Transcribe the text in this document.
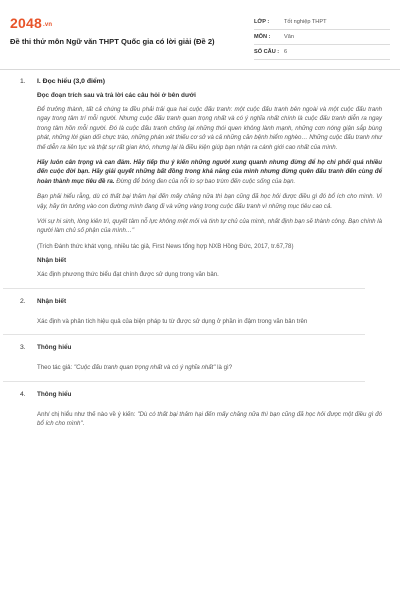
2048.vn
Đề thi thử môn Ngữ văn THPT Quốc gia có lời giải (Đề 2)
LỚP :	Tốt nghiệp THPT
MÔN :	Văn
SỐ CÂU : 6
1. I. Đọc hiểu (3,0 điểm)
Đọc đoạn trích sau và trả lời các câu hỏi ở bên dưới

Để trưởng thành, tất cả chúng ta đều phải trải qua hai cuộc đấu tranh: một cuộc đấu tranh bên ngoài và một cuộc đấu tranh ngay trong tâm trí mỗi người. Nhưng cuộc đấu tranh quan trọng nhất và có ý nghĩa nhất chính là cuộc đấu tranh diễn ra ngay trong tâm hồn mỗi người. Đó là cuộc đấu tranh chống lại những thói quen không lành mạnh, những cơn nóng giận sắp bùng phát, những lời gian dối chực trào, những phán xét thiếu cơ sở và cả những căn bệnh hiểm nghèo… Những cuộc đấu tranh như thế diễn ra liên tục và thật sự rất gian khó, nhưng lại là điều kiện giúp bạn nhận ra cánh giới cao nhất của mình.

Hãy luôn cân trọng và can đảm. Hãy tiếp thu ý kiến những người xung quanh nhưng đừng để họ chi phối quá nhiều đến cuộc đời bạn. Hãy giải quyết những bất đồng trong khả năng của mình nhưng đừng quên đấu tranh đến cùng để hoàn thành mục tiêu đề ra. Đừng để bóng đen của nỗi lo sợ bao trùm đến cuộc sống của bạn.

Bạn phải hiểu rằng, dù có thất bại thảm hại đến mấy chăng nữa thì bạn cũng đã học hỏi được điều gì đó bổ ích cho mình. Vì vậy, hãy tin tưởng vào con đường mình đang đi và vững vàng trong cuộc đấu tranh vì những mục tiêu cao cả.

Với sự hi sinh, lòng kiên trì, quyết tâm nỗ lực không mệt mỏi và tinh tự chủ của mình, nhất định bạn sẽ thành công. Bạn chính là người làm chủ số phận của mình…"

(Trích Đánh thức khát vọng, nhiều tác giả, First News tổng hợp NXB Hồng Đức, 2017, tr.67,78)

Nhận biết

Xác định phương thức biểu đạt chính được sử dụng trong văn bản.

2. Nhận biết

Xác định và phân tích hiệu quả của biện pháp tu từ được sử dụng ở phần in đậm trong văn bản trên

3. Thông hiểu

Theo tác giả: "Cuộc đấu tranh quan trọng nhất và có ý nghĩa nhất" là gì?

4. Thông hiểu

Anh/ chị hiểu như thế nào về ý kiến: "Dù có thất bại thảm hại đến mấy chăng nữa thì bạn cũng đã học hỏi được một điều gì đó bổ ích cho mình".
